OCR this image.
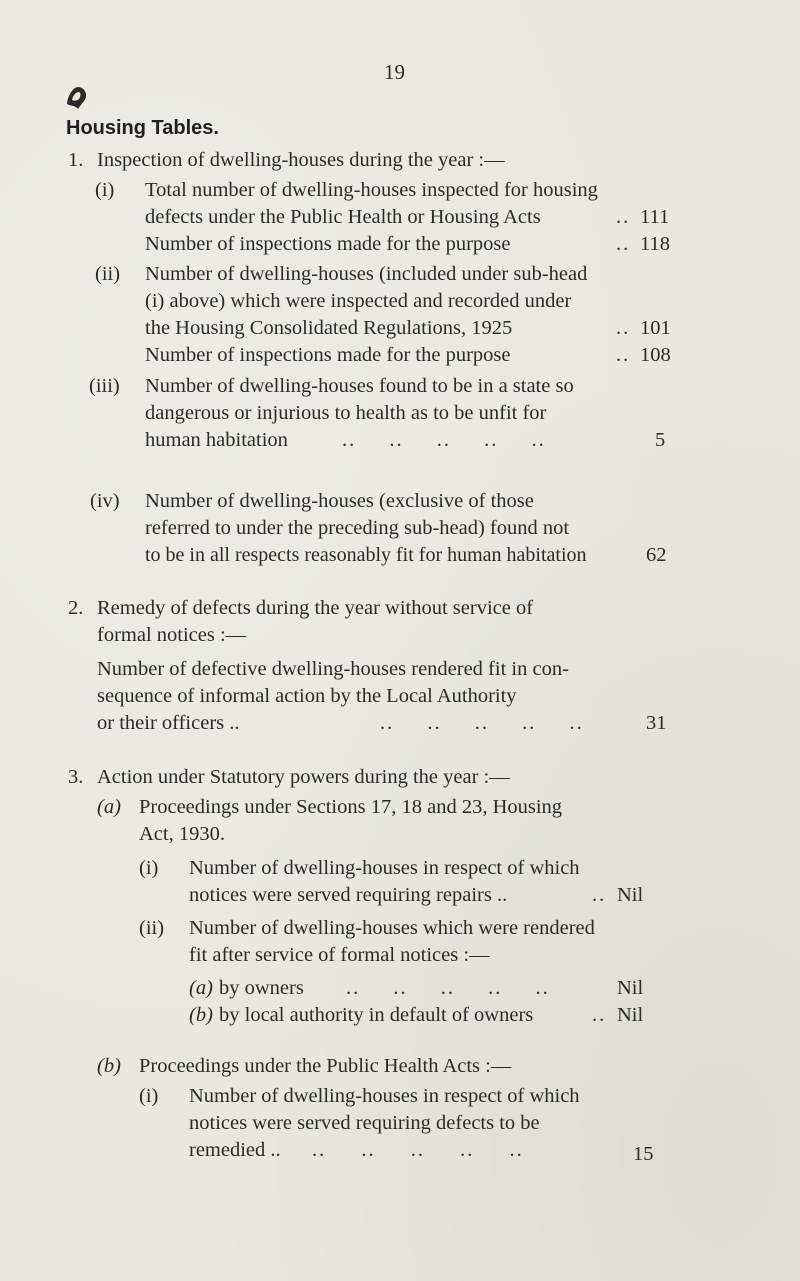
19
Housing Tables.
1. Inspection of dwelling-houses during the year :—
(i) Total number of dwelling-houses inspected for housing
defects under the Public Health or Housing Acts	.. 111
Number of inspections made for the purpose	.. 118
(ii) Number of dwelling-houses (included under sub-head
(i) above) which were inspected and recorded under
the Housing Consolidated Regulations, 1925	.. 101
Number of inspections made for the purpose	.. 108
(iii) Number of dwelling-houses found to be in a state so
dangerous or injurious to health as to be unfit for
human habitation	.. .. .. .. ..	5
(iv) Number of dwelling-houses (exclusive of those
referred to under the preceding sub-head) found not
to be in all respects reasonably fit for human habitation	62
2. Remedy of defects during the year without service of
formal notices :—
Number of defective dwelling-houses rendered fit in con-
sequence of informal action by the Local Authority
or their officers ..	.. .. .. .. ..	31
3. Action under Statutory powers during the year :—
(a) Proceedings under Sections 17, 18 and 23, Housing
Act, 1930.
(i) Number of dwelling-houses in respect of which
notices were served requiring repairs ..	.. Nil
(ii) Number of dwelling-houses which were rendered
fit after service of formal notices :—
(a) by owners .. .. .. .. ..	Nil
(b) by local authority in default of owners	.. Nil
(b) Proceedings under the Public Health Acts :—
(i) Number of dwelling-houses in respect of which
notices were served requiring defects to be
remedied .. .. .. .. .. ..	15
